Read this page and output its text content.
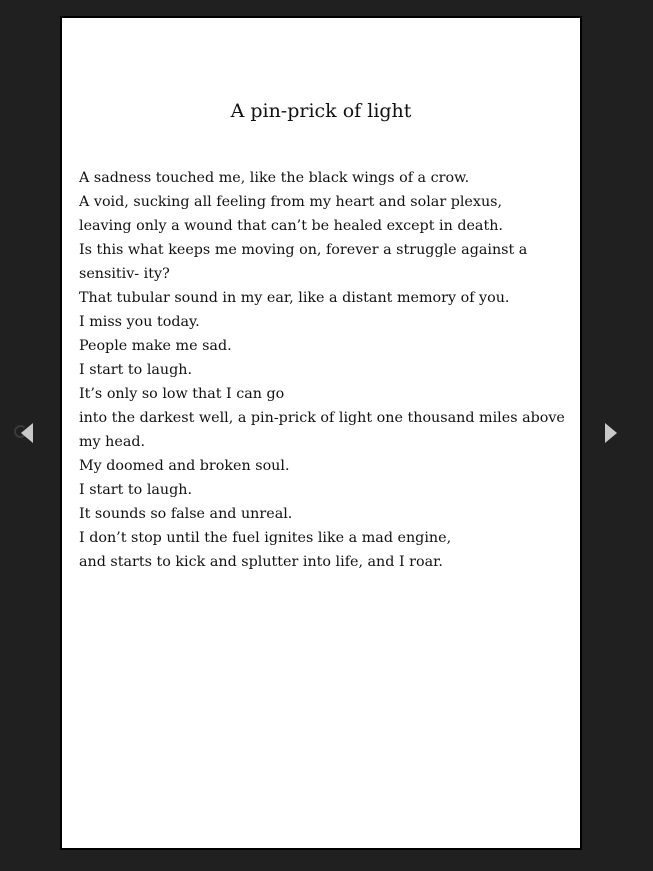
A pin-prick of light
A sadness touched me, like the black wings of a crow.
A void, sucking all feeling from my heart and solar plexus,
leaving only a wound that can’t be healed except in death.
Is this what keeps me moving on, forever a struggle against a sensitiv- ity?
That tubular sound in my ear, like a distant memory of you.
I miss you today.
People make me sad.
I start to laugh.
It’s only so low that I can go
into the darkest well, a pin-prick of light one thousand miles above my head.
My doomed and broken soul.
I start to laugh.
It sounds so false and unreal.
I don’t stop until the fuel ignites like a mad engine,
and starts to kick and splutter into life, and I roar.
